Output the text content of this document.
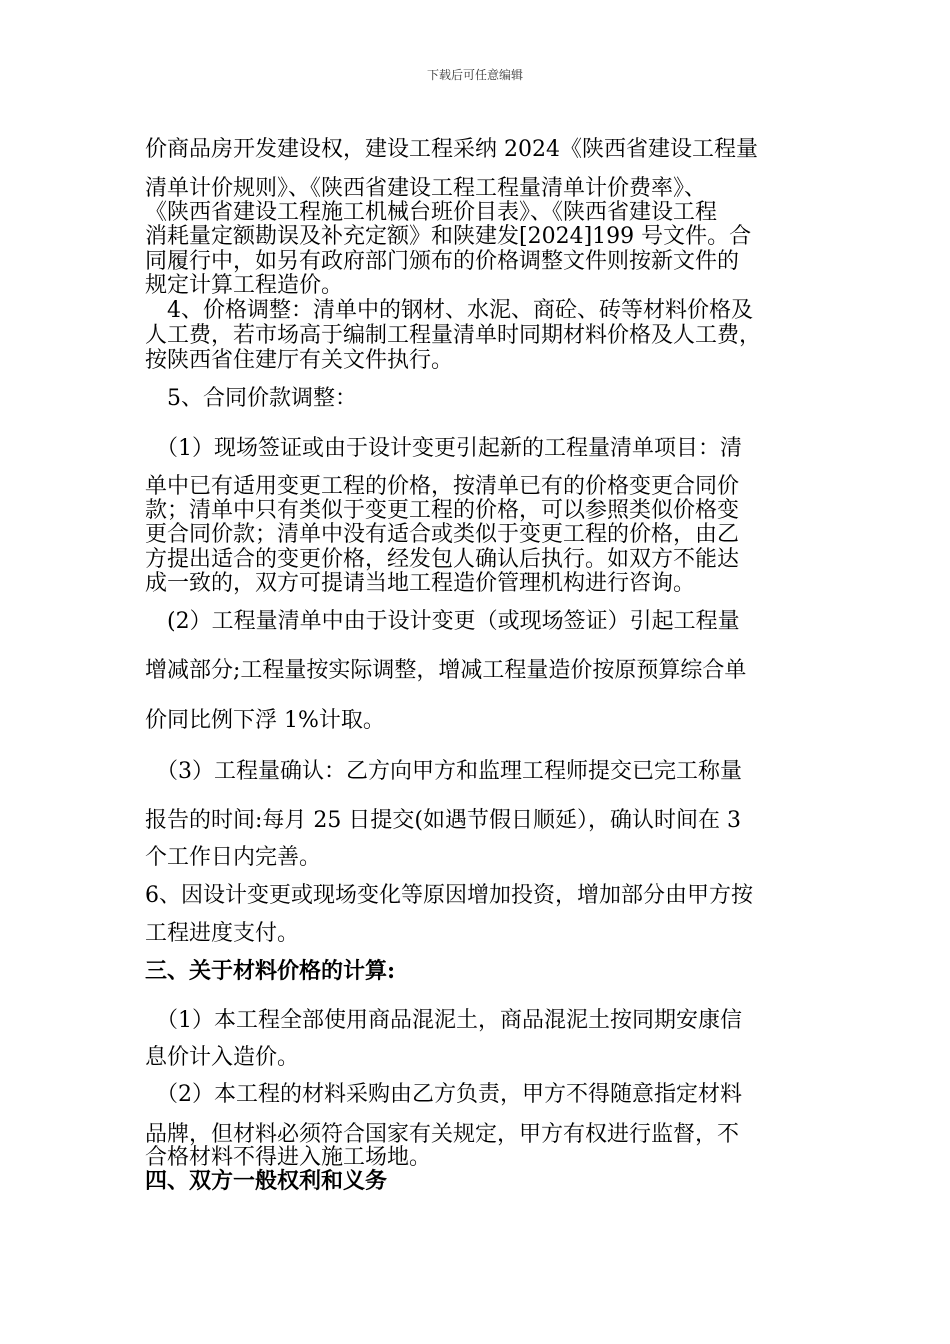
下载后可任意编辑
价商品房开发建设权，建设工程采纳 2024《陕西省建设工程量
清单计价规则》、《陕西省建设工程工程量清单计价费率》、
《陕西省建设工程施工机械台班价目表》、《陕西省建设工程
消耗量定额勘误及补充定额》和陕建发[2024]199 号文件。合
同履行中，如另有政府部门颁布的价格调整文件则按新文件的
规定计算工程造价。
　4、价格调整：清单中的钢材、水泥、商砼、砖等材料价格及
人工费，若市场高于编制工程量清单时同期材料价格及人工费，
按陕西省住建厅有关文件执行。
　5、合同价款调整：
　（1）现场签证或由于设计变更引起新的工程量清单项目：清
单中已有适用变更工程的价格，按清单已有的价格变更合同价
款；清单中只有类似于变更工程的价格，可以参照类似价格变
更合同价款；清单中没有适合或类似于变更工程的价格，由乙
方提出适合的变更价格，经发包人确认后执行。如双方不能达
成一致的，双方可提请当地工程造价管理机构进行咨询。
　(2）工程量清单中由于设计变更（或现场签证）引起工程量
增减部分;工程量按实际调整，增减工程量造价按原预算综合单
价同比例下浮 1%计取。
　（3）工程量确认：乙方向甲方和监理工程师提交已完工称量
报告的时间:每月 25 日提交(如遇节假日顺延），确认时间在 3
个工作日内完善。
6、因设计变更或现场变化等原因增加投资，增加部分由甲方按
工程进度支付。
三、关于材料价格的计算:
　（1）本工程全部使用商品混泥土，商品混泥土按同期安康信
息价计入造价。
　（2）本工程的材料采购由乙方负责，甲方不得随意指定材料
品牌，但材料必须符合国家有关规定，甲方有权进行监督，不
合格材料不得进入施工场地。
四、双方一般权利和义务
